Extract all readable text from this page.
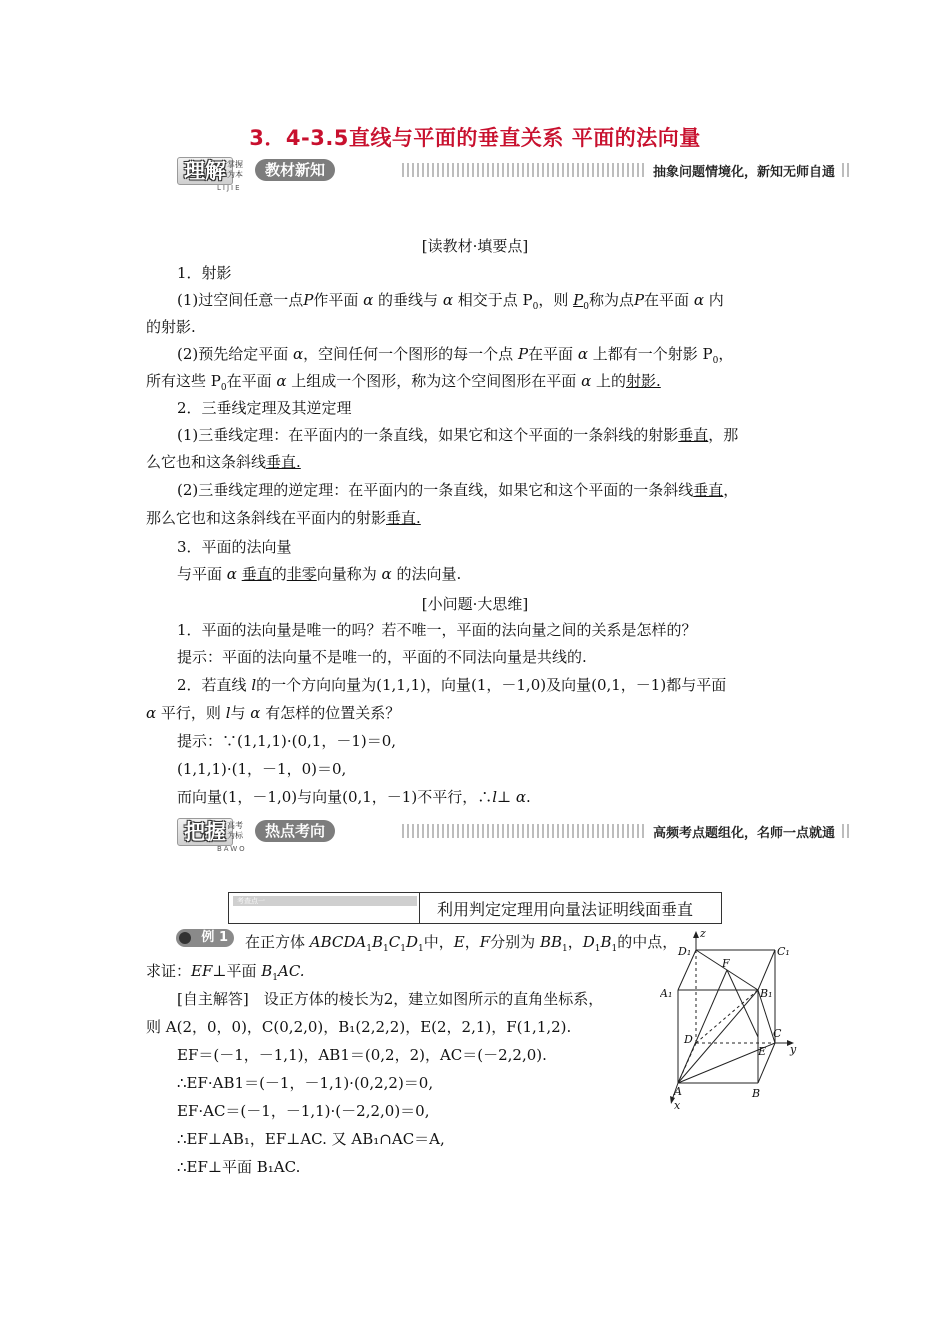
3．4-3.5直线与平面的垂直关系 平面的法向量
理解 掌握为本	教材新知
LIJIE
抽象问题情境化，新知无师自通
[读教材·填要点]
1．射影
(1)过空间任意一点P作平面 α 的垂线与 α 相交于点 $P_0$，则 $P_0$称为点P在平面 α 内
的射影.
(2)预先给定平面 α，空间任何一个图形的每一个点 P在平面 α 上都有一个射影 $P_0$，
所有这些 $P_0$在平面 α 上组成一个图形，称为这个空间图形在平面 α 上的射影.
2．三垂线定理及其逆定理
(1)三垂线定理：在平面内的一条直线，如果它和这个平面的一条斜线的射影垂直，那
么它也和这条斜线垂直.
(2)三垂线定理的逆定理：在平面内的一条直线，如果它和这个平面的一条斜线垂直，
那么它也和这条斜线在平面内的射影垂直.
3．平面的法向量
与平面 α 垂直的非零向量称为 α 的法向量.
[小问题·大思维]
1．平面的法向量是唯一的吗？若不唯一，平面的法向量之间的关系是怎样的？
提示：平面的法向量不是唯一的，平面的不同法向量是共线的.
2．若直线 l的一个方向向量为(1,1,1)，向量(1，－1,0)及向量(0,1，－1)都与平面
α 平行，则 l与 α 有怎样的位置关系？
提示：∵(1,1,1)·(0,1，－1)＝0,
(1,1,1)·(1，－1，0)＝0,
而向量(1，－1,0)与向量(0,1，－1)不平行，∴l⊥ α.
把握 高考为标	热点考向
BAWO
高频考点题组化，名师一点就通
考查点一	利用判定定理用向量法证明线面垂直
例 1	在正方体 $ABCDA_1B_1C_1D_1$中，E，F分别为 $BB_1$，$D_1B_1$的中点，
求证：EF⊥平面 $B_1AC$.
[自主解答]　设正方体的棱长为2，建立如图所示的直角坐标系，
则 A(2，0，0)，C(0,2,0)，B₁(2,2,2)，E(2，2,1)，F(1,1,2).
EF＝(－1，－1,1)，AB1＝(0,2，2)，AC＝(－2,2,0).
∴EF·AB1＝(－1，－1,1)·(0,2,2)＝0,
EF·AC＝(－1，－1,1)·(－2,2,0)＝0,
∴EF⊥AB₁，EF⊥AC. 又 AB₁∩AC＝A,
∴EF⊥平面 B₁AC.
z
D₁	C₁
F
A₁	B₁
D	C
E y
A	B
x
